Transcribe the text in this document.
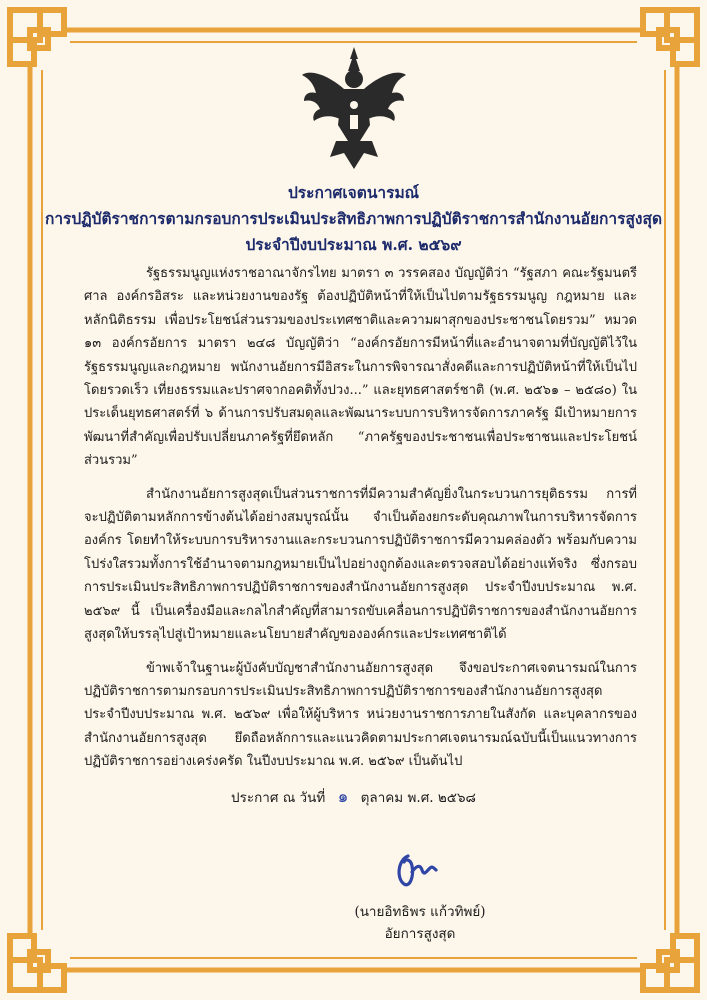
ประกาศเจตนารมณ์
การปฏิบัติราชการตามกรอบการประเมินประสิทธิภาพการปฏิบัติราชการสำนักงานอัยการสูงสุด
ประจำปีงบประมาณ พ.ศ. ๒๕๖๙

รัฐธรรมนูญแห่งราชอาณาจักรไทย มาตรา ๓ วรรคสอง บัญญัติว่า “รัฐสภา คณะรัฐมนตรี ศาล องค์กรอิสระ และหน่วยงานของรัฐ ต้องปฏิบัติหน้าที่ให้เป็นไปตามรัฐธรรมนูญ กฎหมาย และหลักนิติธรรม เพื่อประโยชน์ส่วนรวมของประเทศชาติและความผาสุกของประชาชนโดยรวม” หมวด ๑๓ องค์กรอัยการ มาตรา ๒๔๘ บัญญัติว่า “องค์กรอัยการมีหน้าที่และอำนาจตามที่บัญญัติไว้ในรัฐธรรมนูญและกฎหมาย พนักงานอัยการมีอิสระในการพิจารณาสั่งคดีและการปฏิบัติหน้าที่ให้เป็นไปโดยรวดเร็ว เที่ยงธรรมและปราศจากอคติทั้งปวง...” และยุทธศาสตร์ชาติ (พ.ศ. ๒๕๖๑ – ๒๕๘๐) ในประเด็นยุทธศาสตร์ที่ ๖ ด้านการปรับสมดุลและพัฒนาระบบการบริหารจัดการภาครัฐ มีเป้าหมายการพัฒนาที่สำคัญเพื่อปรับเปลี่ยนภาครัฐที่ยึดหลัก “ภาครัฐของประชาชนเพื่อประชาชนและประโยชน์ส่วนรวม”

สำนักงานอัยการสูงสุดเป็นส่วนราชการที่มีความสำคัญยิ่งในกระบวนการยุติธรรม การที่จะปฏิบัติตามหลักการข้างต้นได้อย่างสมบูรณ์นั้น จำเป็นต้องยกระดับคุณภาพในการบริหารจัดการองค์กร โดยทำให้ระบบการบริหารงานและกระบวนการปฏิบัติราชการมีความคล่องตัว พร้อมกับความโปร่งใสรวมทั้งการใช้อำนาจตามกฎหมายเป็นไปอย่างถูกต้องและตรวจสอบได้อย่างแท้จริง ซึ่งกรอบการประเมินประสิทธิภาพการปฏิบัติราชการของสำนักงานอัยการสูงสุด ประจำปีงบประมาณ พ.ศ. ๒๕๖๙ นี้ เป็นเครื่องมือและกลไกสำคัญที่สามารถขับเคลื่อนการปฏิบัติราชการของสำนักงานอัยการสูงสุดให้บรรลุไปสู่เป้าหมายและนโยบายสำคัญขององค์กรและประเทศชาติได้

ข้าพเจ้าในฐานะผู้บังคับบัญชาสำนักงานอัยการสูงสุด จึงขอประกาศเจตนารมณ์ในการปฏิบัติราชการตามกรอบการประเมินประสิทธิภาพการปฏิบัติราชการของสำนักงานอัยการสูงสุด ประจำปีงบประมาณ พ.ศ. ๒๕๖๙ เพื่อให้ผู้บริหาร หน่วยงานราชการภายในสังกัด และบุคลากรของสำนักงานอัยการสูงสุด ยึดถือหลักการและแนวคิดตามประกาศเจตนารมณ์ฉบับนี้เป็นแนวทางการปฏิบัติราชการอย่างเคร่งครัด ในปีงบประมาณ พ.ศ. ๒๕๖๙ เป็นต้นไป

ประกาศ ณ วันที่ ๑ ตุลาคม พ.ศ. ๒๕๖๘
(นายอิทธิพร แก้วทิพย์)
อัยการสูงสุด
